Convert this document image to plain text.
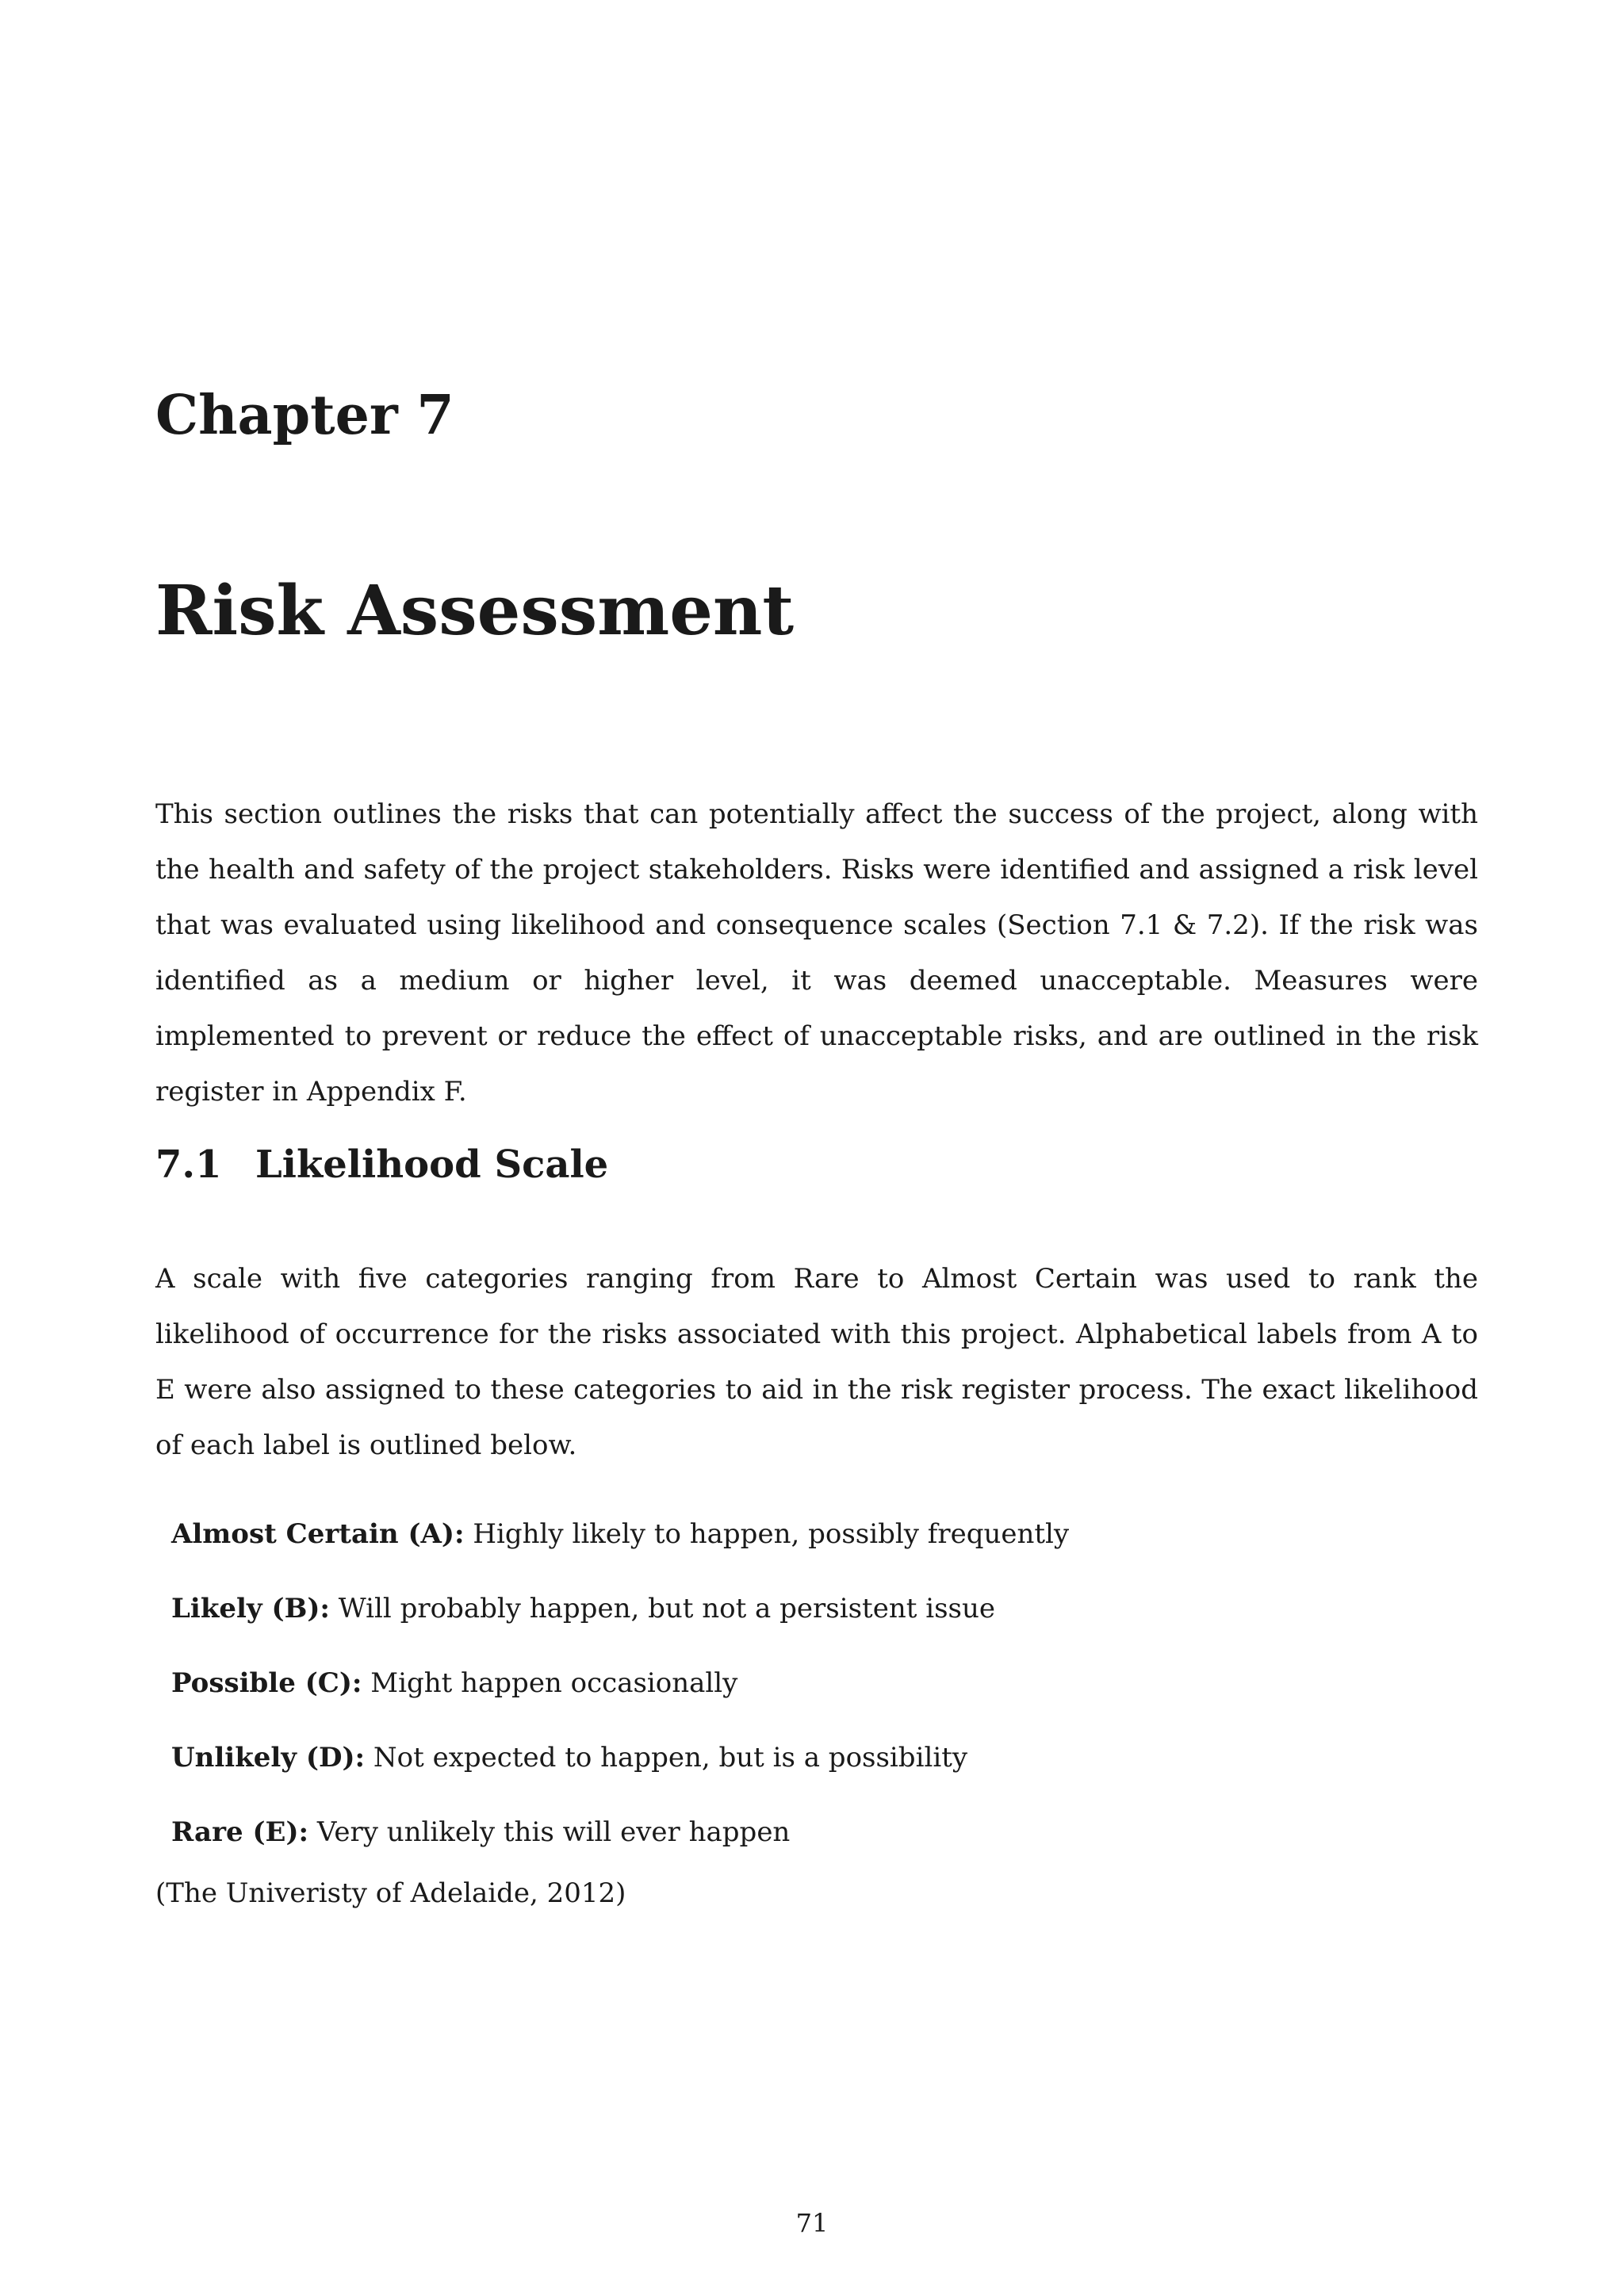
Chapter 7
Risk Assessment

This section outlines the risks that can potentially affect the success of the project, along with the health and safety of the project stakeholders. Risks were identified and assigned a risk level that was evaluated using likelihood and consequence scales (Section 7.1 & 7.2). If the risk was identified as a medium or higher level, it was deemed unacceptable. Measures were implemented to prevent or reduce the effect of unacceptable risks, and are outlined in the risk register in Appendix F.

7.1 Likelihood Scale

A scale with five categories ranging from Rare to Almost Certain was used to rank the likelihood of occurrence for the risks associated with this project. Alphabetical labels from A to E were also assigned to these categories to aid in the risk register process. The exact likelihood of each label is outlined below.

Almost Certain (A): Highly likely to happen, possibly frequently
Likely (B): Will probably happen, but not a persistent issue
Possible (C): Might happen occasionally
Unlikely (D): Not expected to happen, but is a possibility
Rare (E): Very unlikely this will ever happen
(The Univeristy of Adelaide, 2012)
71
